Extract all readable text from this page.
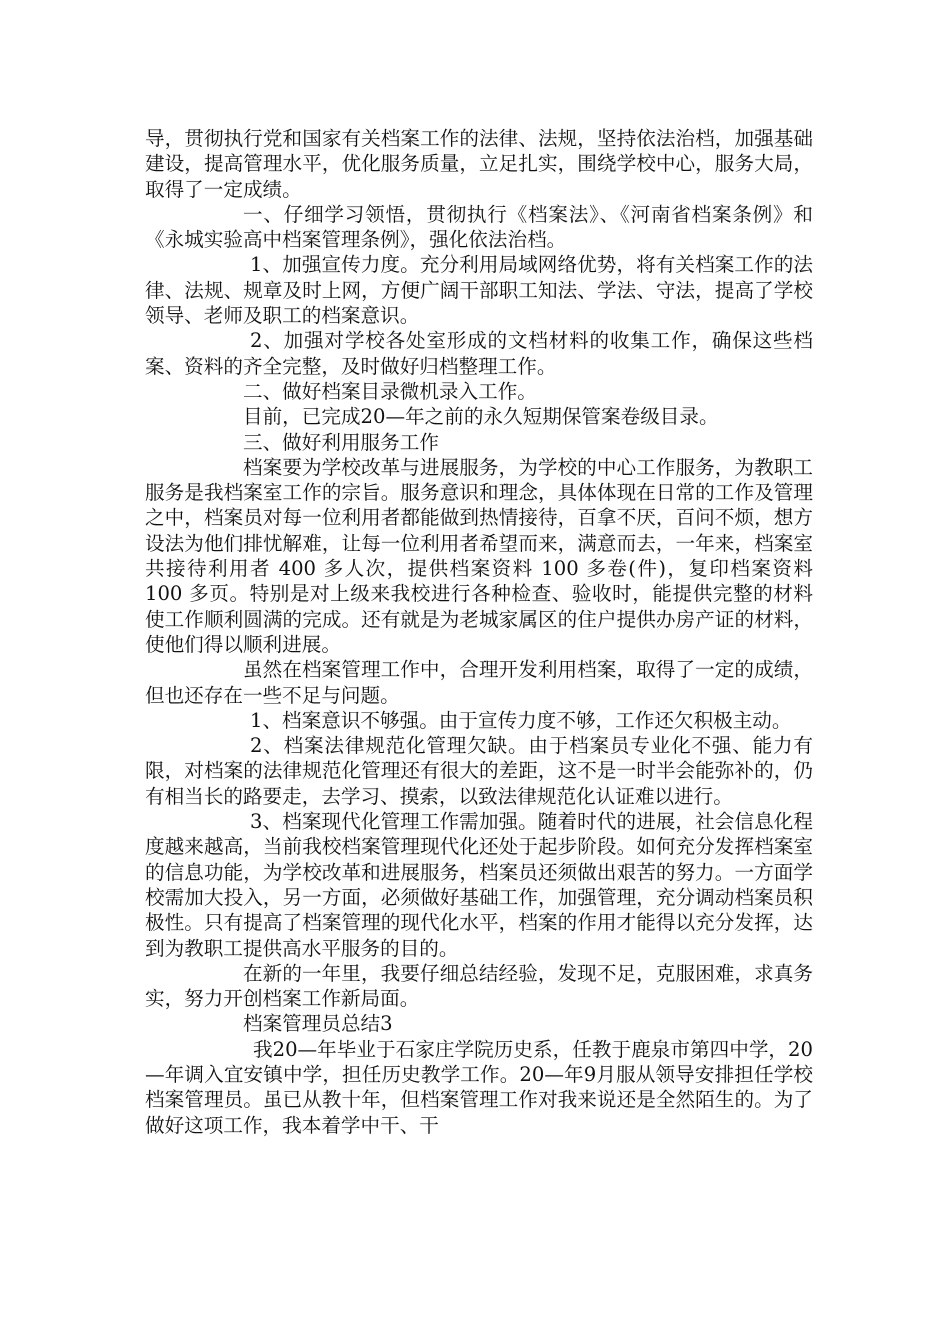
导，贯彻执行党和国家有关档案工作的法律、法规，坚持依法治档，加强基础建设，提高管理水平，优化服务质量，立足扎实，围绕学校中心，服务大局，取得了一定成绩。

一、仔细学习领悟，贯彻执行《档案法》、《河南省档案条例》和《永城实验高中档案管理条例》，强化依法治档。

1、加强宣传力度。充分利用局域网络优势，将有关档案工作的法律、法规、规章及时上网，方便广阔干部职工知法、学法、守法，提高了学校领导、老师及职工的档案意识。

2、加强对学校各处室形成的文档材料的收集工作，确保这些档案、资料的齐全完整，及时做好归档整理工作。

二、做好档案目录微机录入工作。

目前，已完成20—年之前的永久短期保管案卷级目录。

三、做好利用服务工作

档案要为学校改革与进展服务，为学校的中心工作服务，为教职工服务是我档案室工作的宗旨。服务意识和理念，具体体现在日常的工作及管理之中，档案员对每一位利用者都能做到热情接待，百拿不厌，百问不烦，想方设法为他们排忧解难，让每一位利用者希望而来，满意而去，一年来，档案室共接待利用者 400 多人次，提供档案资料 100 多卷(件)，复印档案资料 100 多页。特别是对上级来我校进行各种检查、验收时，能提供完整的材料使工作顺利圆满的完成。还有就是为老城家属区的住户提供办房产证的材料，使他们得以顺利进展。

虽然在档案管理工作中，合理开发利用档案，取得了一定的成绩，但也还存在一些不足与问题。

1、档案意识不够强。由于宣传力度不够，工作还欠积极主动。

2、档案法律规范化管理欠缺。由于档案员专业化不强、能力有限，对档案的法律规范化管理还有很大的差距，这不是一时半会能弥补的，仍有相当长的路要走，去学习、摸索，以致法律规范化认证难以进行。

3、档案现代化管理工作需加强。随着时代的进展，社会信息化程度越来越高，当前我校档案管理现代化还处于起步阶段。如何充分发挥档案室的信息功能，为学校改革和进展服务，档案员还须做出艰苦的努力。一方面学校需加大投入，另一方面，必须做好基础工作，加强管理，充分调动档案员积极性。只有提高了档案管理的现代化水平，档案的作用才能得以充分发挥，达到为教职工提供高水平服务的目的。

在新的一年里，我要仔细总结经验，发现不足，克服困难，求真务实，努力开创档案工作新局面。

档案管理员总结3

我20—年毕业于石家庄学院历史系，任教于鹿泉市第四中学，20—年调入宜安镇中学，担任历史教学工作。20—年9月服从领导安排担任学校档案管理员。虽已从教十年，但档案管理工作对我来说还是全然陌生的。为了做好这项工作，我本着学中干、干
